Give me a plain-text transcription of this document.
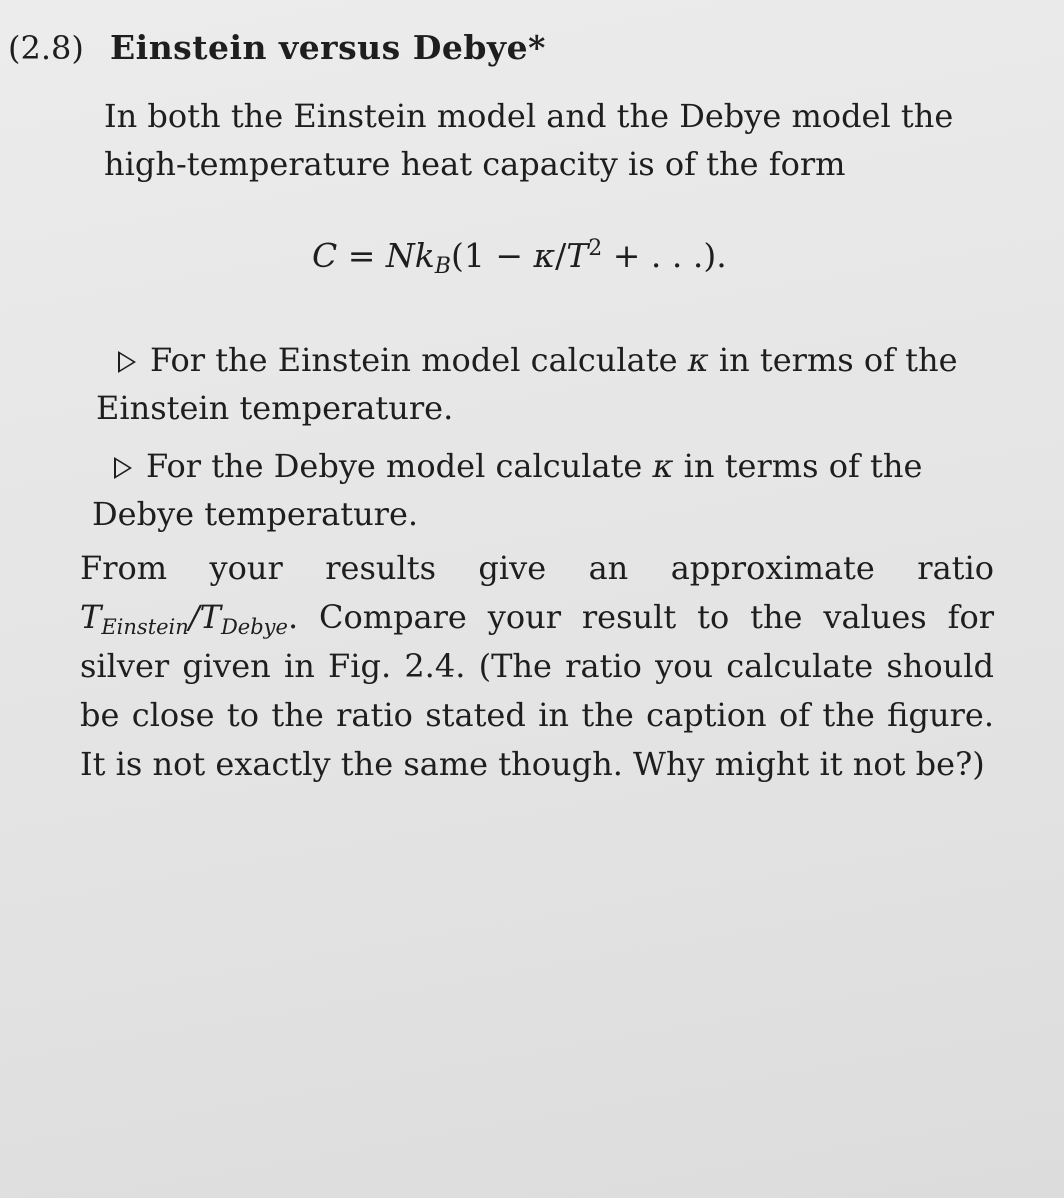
(2.8) Einstein versus Debye*
In both the Einstein model and the Debye model the high-temperature heat capacity is of the form
$C = Nk_B(1 - \kappa/T^2$ + . . .).
For the Einstein model calculate κ in terms of the Einstein temperature.
For the Debye model calculate κ in terms of the Debye temperature.
From your results give an approximate ratio $T_{Einstein}/T_{Debye}$. Compare your result to the values for silver given in Fig. 2.4. (The ratio you calculate should be close to the ratio stated in the caption of the figure. It is not exactly the same though. Why might it not be?)
